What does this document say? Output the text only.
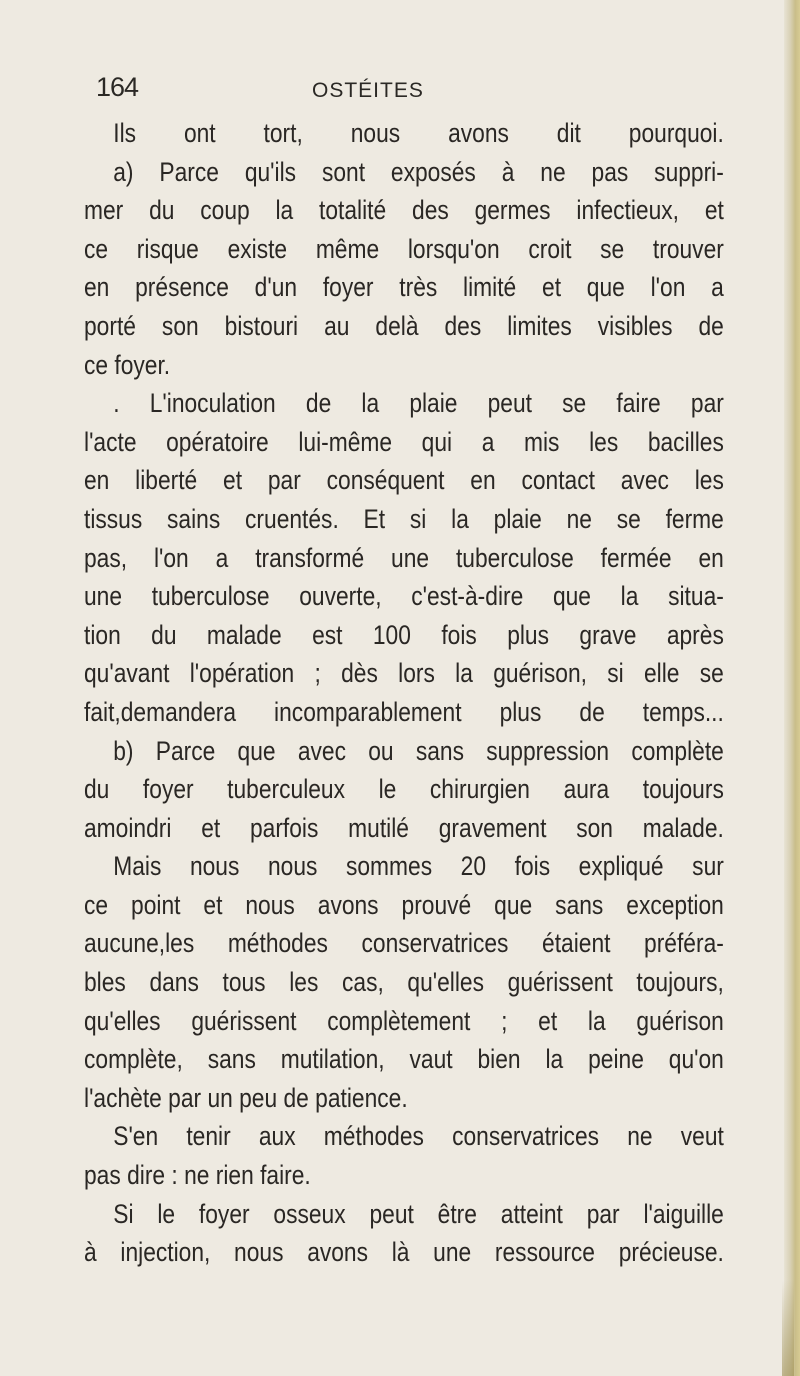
164	OSTÉITES

Ils ont tort, nous avons dit pourquoi.

a) Parce qu'ils sont exposés à ne pas suppri-

mer du coup la totalité des germes infectieux, et

ce risque existe même lorsqu'on croit se trouver

en présence d'un foyer très limité et que l'on a

porté son bistouri au delà des limites visibles de

ce foyer.

. L'inoculation de la plaie peut se faire par

l'acte opératoire lui-même qui a mis les bacilles

en liberté et par conséquent en contact avec les

tissus sains cruentés. Et si la plaie ne se ferme

pas, l'on a transformé une tuberculose fermée en

une tuberculose ouverte, c'est-à-dire que la situa-

tion du malade est 100 fois plus grave après

qu'avant l'opération ; dès lors la guérison, si elle se

fait,demandera incomparablement plus de temps...

b) Parce que avec ou sans suppression complète

du foyer tuberculeux le chirurgien aura toujours

amoindri et parfois mutilé gravement son malade.

Mais nous nous sommes 20 fois expliqué sur

ce point et nous avons prouvé que sans exception

aucune,les méthodes conservatrices étaient préféra-

bles dans tous les cas, qu'elles guérissent toujours,

qu'elles guérissent complètement ; et la guérison

complète, sans mutilation, vaut bien la peine qu'on

l'achète par un peu de patience.

S'en tenir aux méthodes conservatrices ne veut

pas dire : ne rien faire.

Si le foyer osseux peut être atteint par l'aiguille

à injection, nous avons là une ressource précieuse.
